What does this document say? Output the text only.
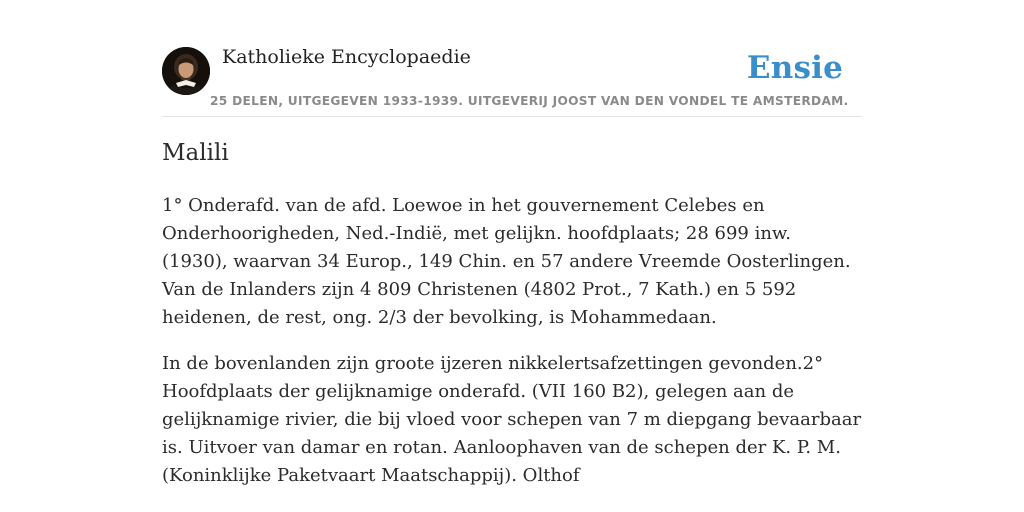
Katholieke Encyclopaedie
25 DELEN, UITGEGEVEN 1933-1939. UITGEVERIJ JOOST VAN DEN VONDEL TE AMSTERDAM.
Ensie
Malili

1° Onderafd. van de afd. Loewoe in het gouvernement Celebes en Onderhoorigheden, Ned.-Indië, met gelijkn. hoofdplaats; 28 699 inw. (1930), waarvan 34 Europ., 149 Chin. en 57 andere Vreemde Oosterlingen. Van de Inlanders zijn 4 809 Christenen (4802 Prot., 7 Kath.) en 5 592 heidenen, de rest, ong. 2/3 der bevolking, is Mohammedaan.

In de bovenlanden zijn groote ijzeren nikkelertsafzettingen gevonden.2° Hoofdplaats der gelijknamige onderafd. (VII 160 B2), gelegen aan de gelijknamige rivier, die bij vloed voor schepen van 7 m diepgang bevaarbaar is. Uitvoer van damar en rotan. Aanloophaven van de schepen der K. P. M. (Koninklijke Paketvaart Maatschappij). Olthof
